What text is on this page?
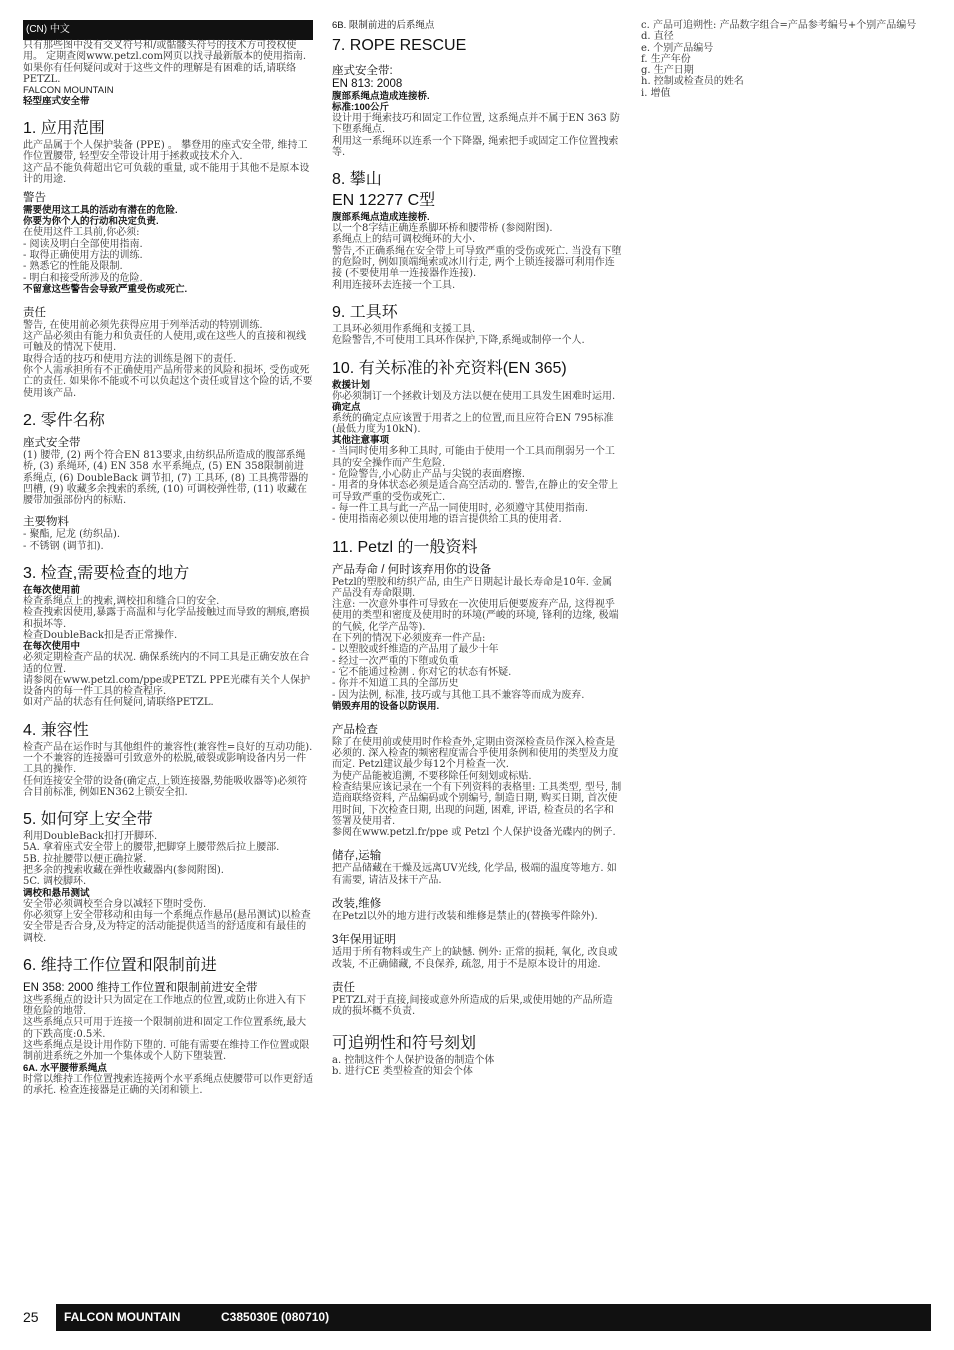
(CN) 中文

只有那些图中没有交叉符号和/或骷髅头符号的技术方可授权使用。 定期查阅www.petzl.com网页以找寻最新版本的使用指南.

如果你有任何疑问或对于这些文件的理解是有困难的话,请联络PETZL.

FALCON MOUNTAIN

轻型座式安全带

1. 应用范围

此产品属于个人保护装备 (PPE) 。 攀登用的座式安全带, 维持工作位置腰带, 轻型安全带设计用于拯救或技术介入.

这产品不能负荷超出它可负载的重量, 或不能用于其他不是原本设计的用途.

警告

需要使用这工具的活动有潜在的危险.

你要为你个人的行动和决定负责.

在使用这件工具前,你必须:

- 阅读及明白全部使用指南.

- 取得正确使用方法的训练.

- 熟悉它的性能及限制.

- 明白和接受所涉及的危险.

不留意这些警告会导致严重受伤或死亡.

责任

警告, 在使用前必须先获得应用于列举活动的特别训练.
这产品必须由有能力和负责任的人使用,或在这些人的直接和视线可触及的情况下使用.
取得合适的技巧和使用方法的训练是阁下的责任.
你个人需承担所有不正确使用产品所带来的风险和损坏, 受伤或死亡的责任. 如果你不能或不可以负起这个责任或冒这个险的话,不要使用该产品.

2. 零件名称
座式安全带

(1) 腰带, (2) 两个符合EN 813要求,由纺织品所造成的腹部系绳桥, (3) 系绳环, (4) EN 358 水平系绳点, (5) EN 358限制前进系绳点, (6) DoubleBack 调节扣, (7) 工具环, (8) 工具携带器的凹槽, (9) 收藏多余拽索的系统, (10) 可调校弹性带, (11) 收藏在腰带加强部份内的标贴.

主要物料

- 聚酯, 尼龙 (纺织品).
- 不锈钢 (调节扣).

3. 检查,需要检查的地方

在每次使用前

检查系绳点上的拽索,调校扣和缝合口的安全.
检查拽索因使用,暴露于高温和与化学品接触过而导致的割痕,磨损和损坏等.
检查DoubleBack扣是否正常操作.

在每次使用中

必须定期检查产品的状况. 确保系统内的不同工具是正确安放在合适的位置.
请参阅在www.petzl.com/ppe或PETZL PPE光碟有关个人保护设备内的每一件工具的检查程序.
如对产品的状态有任何疑问,请联络PETZL.

4. 兼容性

检查产品在运作时与其他组件的兼容性(兼容性=良好的互动功能).
一个不兼容的连接器可引致意外的松脱,破裂或影响设备内另一件工具的操作.
任何连接安全带的设备(确定点,上锁连接器,势能吸收器等)必须符合目前标准, 例如EN362上锁安全扣.

5. 如何穿上安全带

利用DoubleBack扣打开脚环.
5A. 拿着座式安全带上的腰带,把脚穿上腰带然后拉上腰部.
5B. 拉扯腰带以便正确拉紧.
把多余的拽索收藏在弹性收藏器内(参阅附图).
5C. 调校脚环.

调校和悬吊测试

安全带必须调校至合身以减轻下堕时受伤.
你必须穿上安全带移动和由每一个系绳点作悬吊(悬吊测试)以检查安全带是否合身,及为特定的活动能提供适当的舒适度和有最佳的调校.

6. 维持工作位置和限制前进
EN 358: 2000 维持工作位置和限制前进安全带

这些系绳点的设计只为固定在工作地点的位置,或防止你进入有下堕危险的地带.
这些系绳点只可用于连接一个限制前进和固定工作位置系统,最大的下跌高度:0.5米.
这些系绳点是设计用作防下堕的. 可能有需要在维持工作位置或限制前进系统之外加一个集体或个人防下堕装置.

6A. 水平腰带系绳点

时常以维持工作位置拽索连接两个水平系绳点使腰带可以作更舒适的承托. 检查连接器是正确的关闭和锁上.

6B. 限制前进的后系绳点

7. ROPE RESCUE
座式安全带:
EN 813: 2008

腹部系绳点造成连接桥.

标准:100公斤

设计用于绳索技巧和固定工作位置, 这系绳点并不属于EN 363 防下堕系绳点.
利用这一系绳环以连系一个下降器, 绳索把手或固定工作位置拽索等.

8. 攀山
EN 12277 C型

腹部系绳点造成连接桥.

以一个8字结正确连系脚环桥和腰带桥 (参阅附图).
系绳点上的结可调校绳环的大小.
警告,不正确系绳在安全带上可导致严重的受伤或死亡. 当没有下堕的危险时, 例如顶端绳索或冰川行走, 两个上锁连接器可利用作连接 (不要使用单一连接器作连接).
利用连接环去连接一个工具.

9. 工具环

工具环必须用作系绳和支援工具.
危险警告,不可使用工具环作保护,下降,系绳或制停一个人.

10. 有关标准的补充资料(EN 365)

救援计划

你必须制订一个拯救计划及方法以便在使用工具发生困难时运用.

确定点

系统的确定点应该置于用者之上的位置,而且应符合EN 795标准 (最低力度为10kN).

其他注意事项

- 当同时使用多种工具时, 可能由于使用一个工具而削弱另一个工具的安全操作而产生危险.
- 危险警告,小心防止产品与尖锐的表面磨擦.
- 用者的身体状态必须是适合高空活动的. 警告,在静止的安全带上可导致严重的受伤或死亡.
- 每一件工具与此一产品一同使用时, 必须遵守其使用指南.
- 使用指南必须以使用地的语言提供给工具的使用者.

11. Petzl 的一般资料
产品寿命 / 何时该弃用你的设备

Petzl的塑胶和纺织产品, 由生产日期起计最长寿命是10年. 金属产品没有寿命限期.
注意: 一次意外事件可导致在一次使用后便要废弃产品, 这得视乎使用的类型和密度及使用时的环境(严峻的环境, 锋利的边缘, 极端的气候, 化学产品等).
在下列的情况下必须废弃一件产品:
- 以塑胶或纤维造的产品用了最少十年
- 经过一次严重的下堕或负重
- 它不能通过检测 . 你对它的状态有怀疑.
- 你并不知道工具的全部历史
- 因为法例, 标准, 技巧或与其他工具不兼容等而成为废弃.

销毁弃用的设备以防误用.

产品检查

除了在使用前或使用时作检查外,定期由资深检查员作深入检查是必须的. 深入检查的频密程度需合乎使用条例和使用的类型及力度而定. Petzl建议最少每12个月检查一次.
为使产品能被追溯, 不要移除任何刻划或标贴.
检查结果应该记录在一个有下列资料的表格里: 工具类型, 型号, 制造商联络资料, 产品编码或个别编号, 制造日期, 购买日期, 首次使用时间, 下次检查日期, 出现的问题, 困难, 评语, 检查员的名字和签署及使用者.
参阅在www.petzl.fr/ppe 或 Petzl 个人保护设备光碟内的例子.

储存,运输

把产品储藏在干燥及远离UV光线, 化学品, 极端的温度等地方. 如有需要, 请洁及抹干产品.

改装,维修

在Petzl以外的地方进行改装和维修是禁止的(替换零件除外).

3年保用证明

适用于所有物料或生产上的缺憾. 例外: 正常的损耗, 氧化, 改良或改装, 不正确储藏, 不良保养, 疏忽, 用于不是原本设计的用途.

责任

PETZL对于直接,间接或意外所造成的后果,或使用她的产品所造成的损坏概不负责.

可追朔性和符号刻划

a. 控制这件个人保护设备的制造个体
b. 进行CE 类型检查的知会个体

c. 产品可追朔性: 产品数字组合=产品参考编号+个别产品编号
d. 直径
e. 个别产品编号
f. 生产年份
g. 生产日期
h. 控制或检查员的姓名
i. 增值

25	FALCON MOUNTAIN	C385030E (080710)
